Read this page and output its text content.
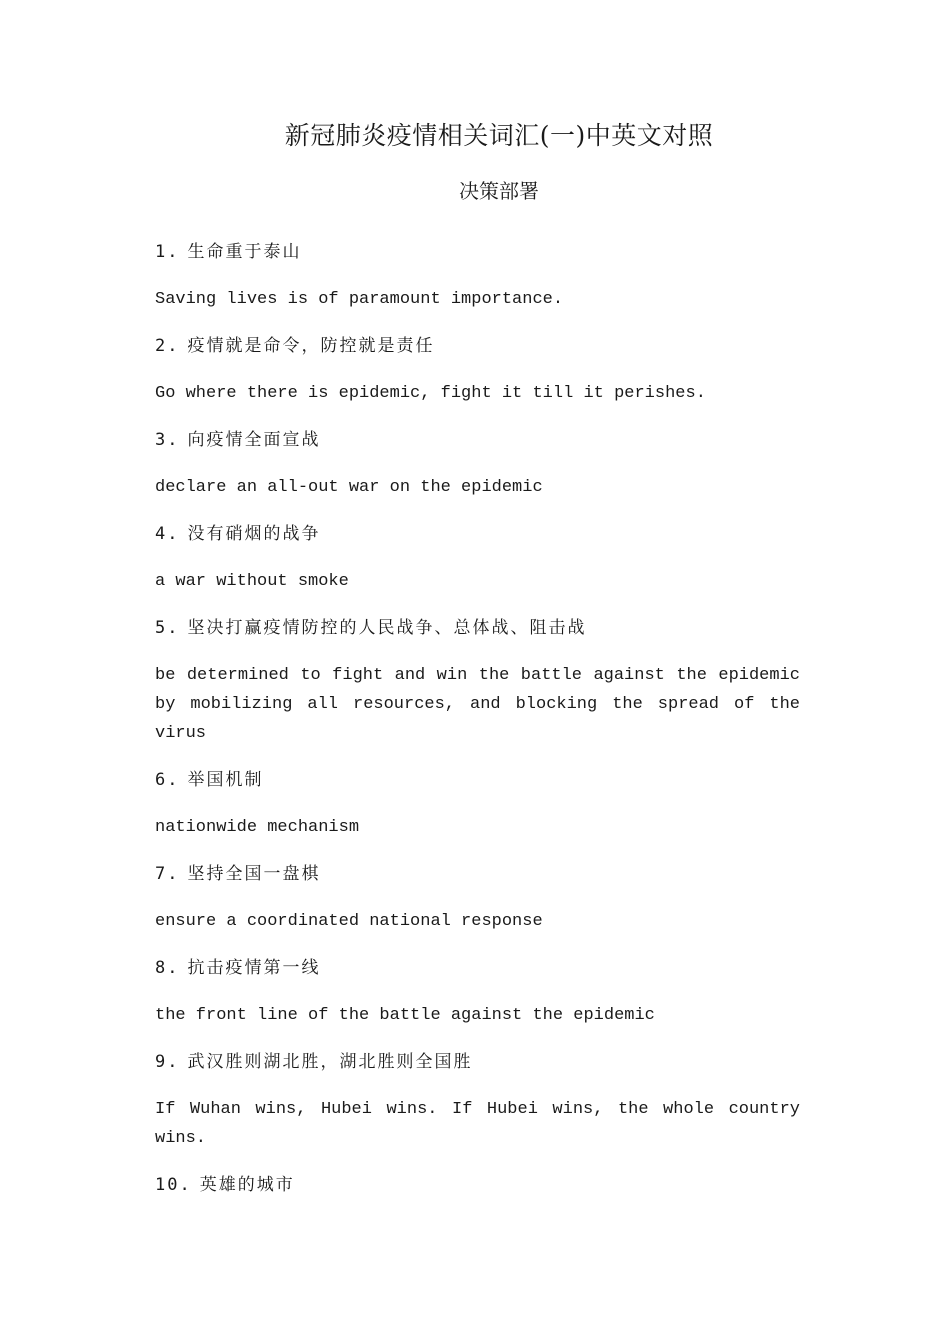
新冠肺炎疫情相关词汇(一)中英文对照
决策部署

1. 生命重于泰山

Saving lives is of paramount importance.

2. 疫情就是命令，防控就是责任

Go where there is epidemic, fight it till it perishes.

3. 向疫情全面宣战

declare an all-out war on the epidemic

4. 没有硝烟的战争

a war without smoke

5. 坚决打赢疫情防控的人民战争、总体战、阻击战

be determined to fight and win the battle against the epidemic by mobilizing all resources, and blocking the spread of the virus

6. 举国机制

nationwide mechanism

7. 坚持全国一盘棋

ensure a coordinated national response

8. 抗击疫情第一线

the front line of the battle against the epidemic

9. 武汉胜则湖北胜，湖北胜则全国胜

If Wuhan wins, Hubei wins. If Hubei wins, the whole country wins.

10. 英雄的城市
